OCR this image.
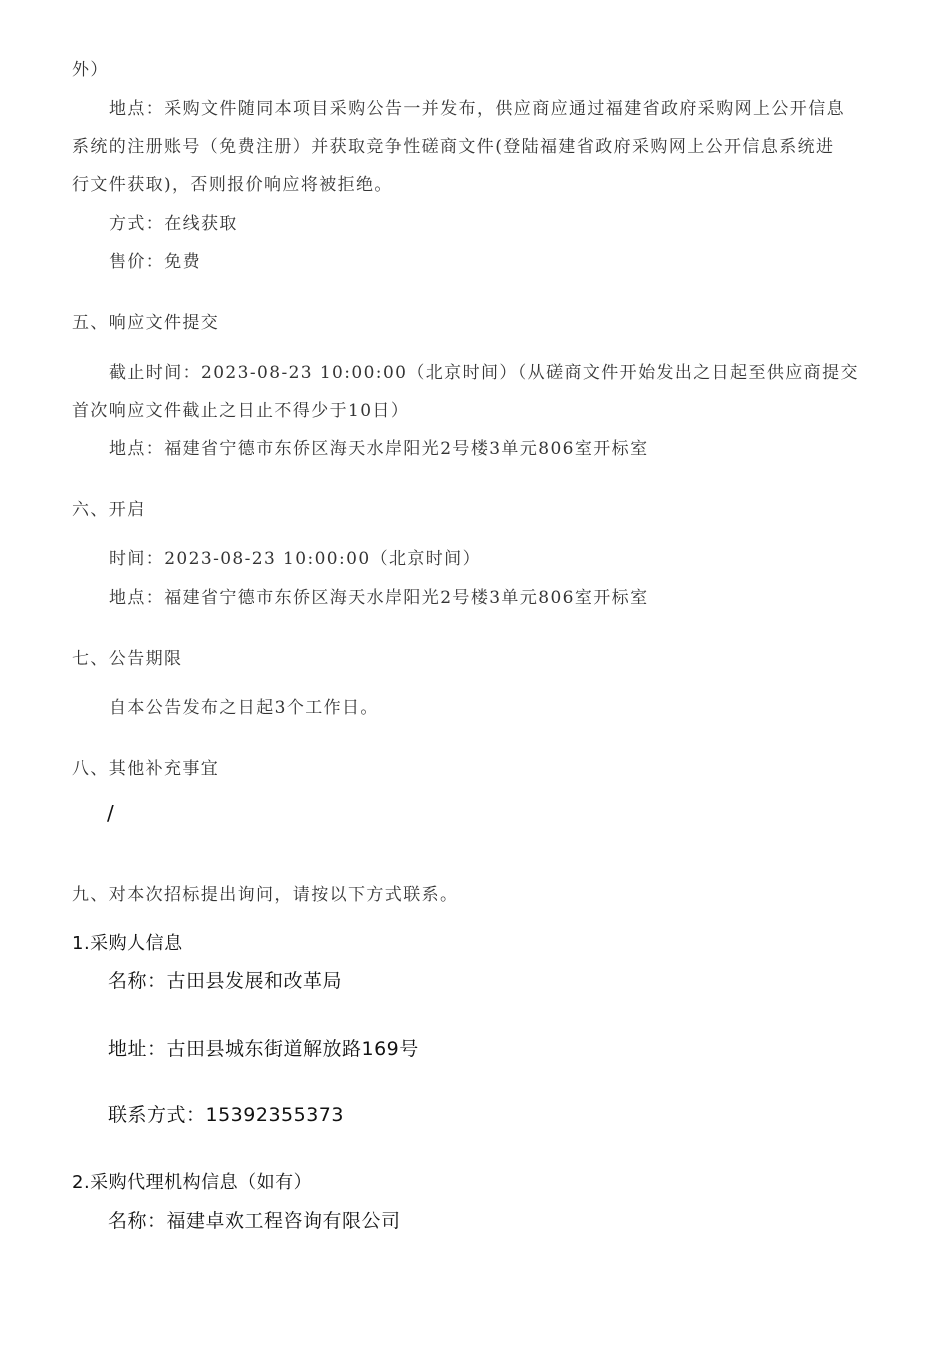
外）
地点：采购文件随同本项目采购公告一并发布，供应商应通过福建省政府采购网上公开信息
系统的注册账号（免费注册）并获取竞争性磋商文件(登陆福建省政府采购网上公开信息系统进
行文件获取)，否则报价响应将被拒绝。
方式：在线获取
售价：免费
五、响应文件提交
截止时间：2023-08-23 10:00:00（北京时间）（从磋商文件开始发出之日起至供应商提交
首次响应文件截止之日止不得少于10日）
地点：福建省宁德市东侨区海天水岸阳光2号楼3单元806室开标室
六、开启
时间：2023-08-23 10:00:00（北京时间）
地点：福建省宁德市东侨区海天水岸阳光2号楼3单元806室开标室
七、公告期限
自本公告发布之日起3个工作日。
八、其他补充事宜
/
九、对本次招标提出询问，请按以下方式联系。
1.采购人信息
名称：古田县发展和改革局
地址：古田县城东街道解放路169号
联系方式：15392355373
2.采购代理机构信息（如有）
名称：福建卓欢工程咨询有限公司
